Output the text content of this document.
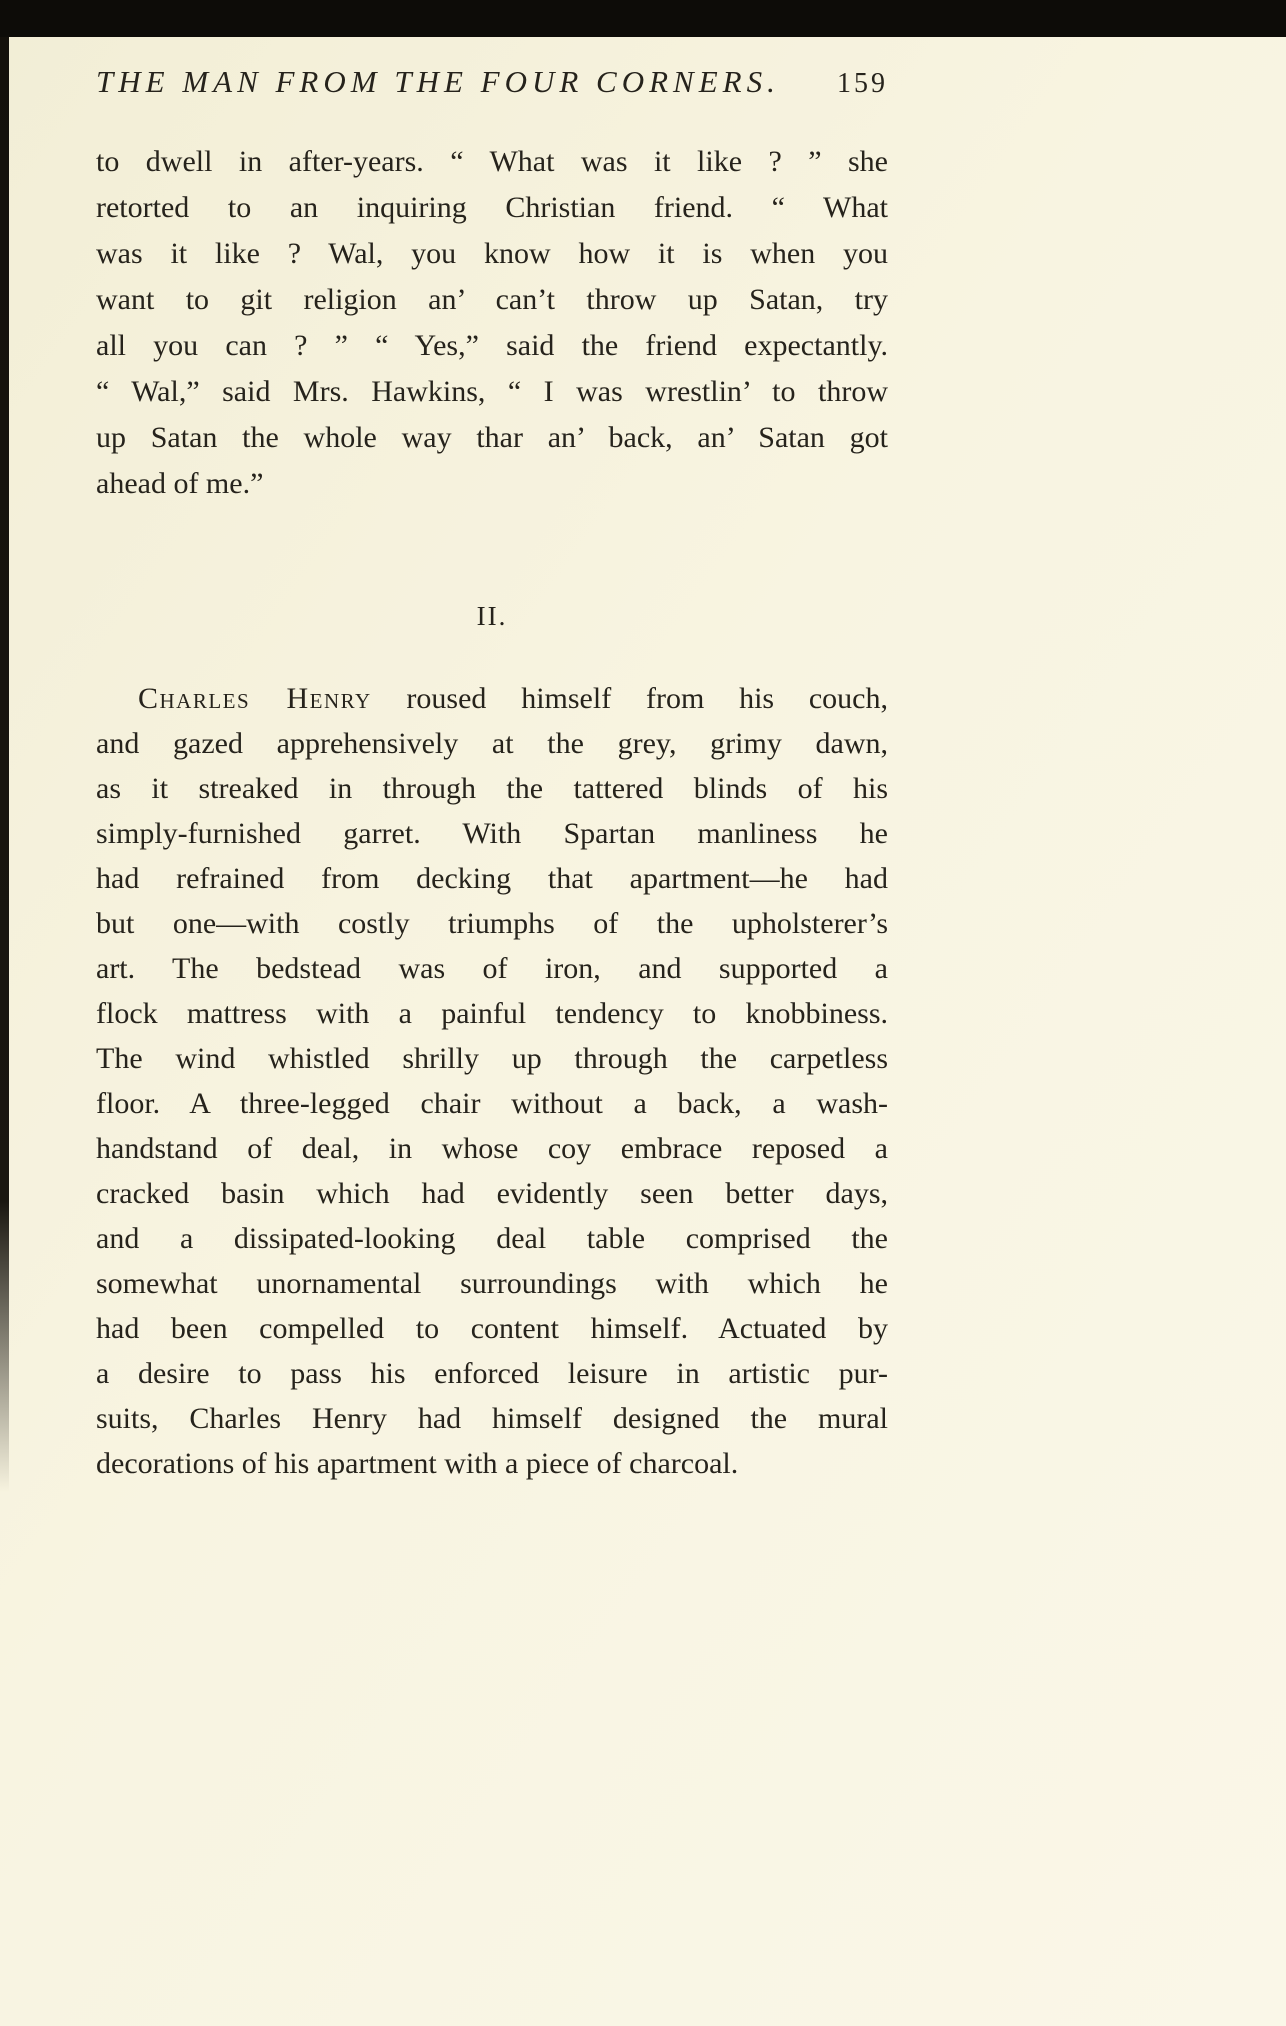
THE MAN FROM THE FOUR CORNERS. 159
to dwell in after-years. “ What was it like ? ” she
retorted to an inquiring Christian friend. “ What
was it like ? Wal, you know how it is when you
want to git religion an’ can’t throw up Satan, try
all you can ? ” “ Yes,” said the friend expectantly.
“ Wal,” said Mrs. Hawkins, “ I was wrestlin’ to throw
up Satan the whole way thar an’ back, an’ Satan got
ahead of me.”
II.
Charles Henry roused himself from his couch,
and gazed apprehensively at the grey, grimy dawn,
as it streaked in through the tattered blinds of his
simply-furnished garret. With Spartan manliness he
had refrained from decking that apartment—he had
but one—with costly triumphs of the upholsterer’s
art. The bedstead was of iron, and supported a
flock mattress with a painful tendency to knobbiness.
The wind whistled shrilly up through the carpetless
floor. A three-legged chair without a back, a wash-
handstand of deal, in whose coy embrace reposed a
cracked basin which had evidently seen better days,
and a dissipated-looking deal table comprised the
somewhat unornamental surroundings with which he
had been compelled to content himself. Actuated by
a desire to pass his enforced leisure in artistic pur-
suits, Charles Henry had himself designed the mural
decorations of his apartment with a piece of charcoal.
